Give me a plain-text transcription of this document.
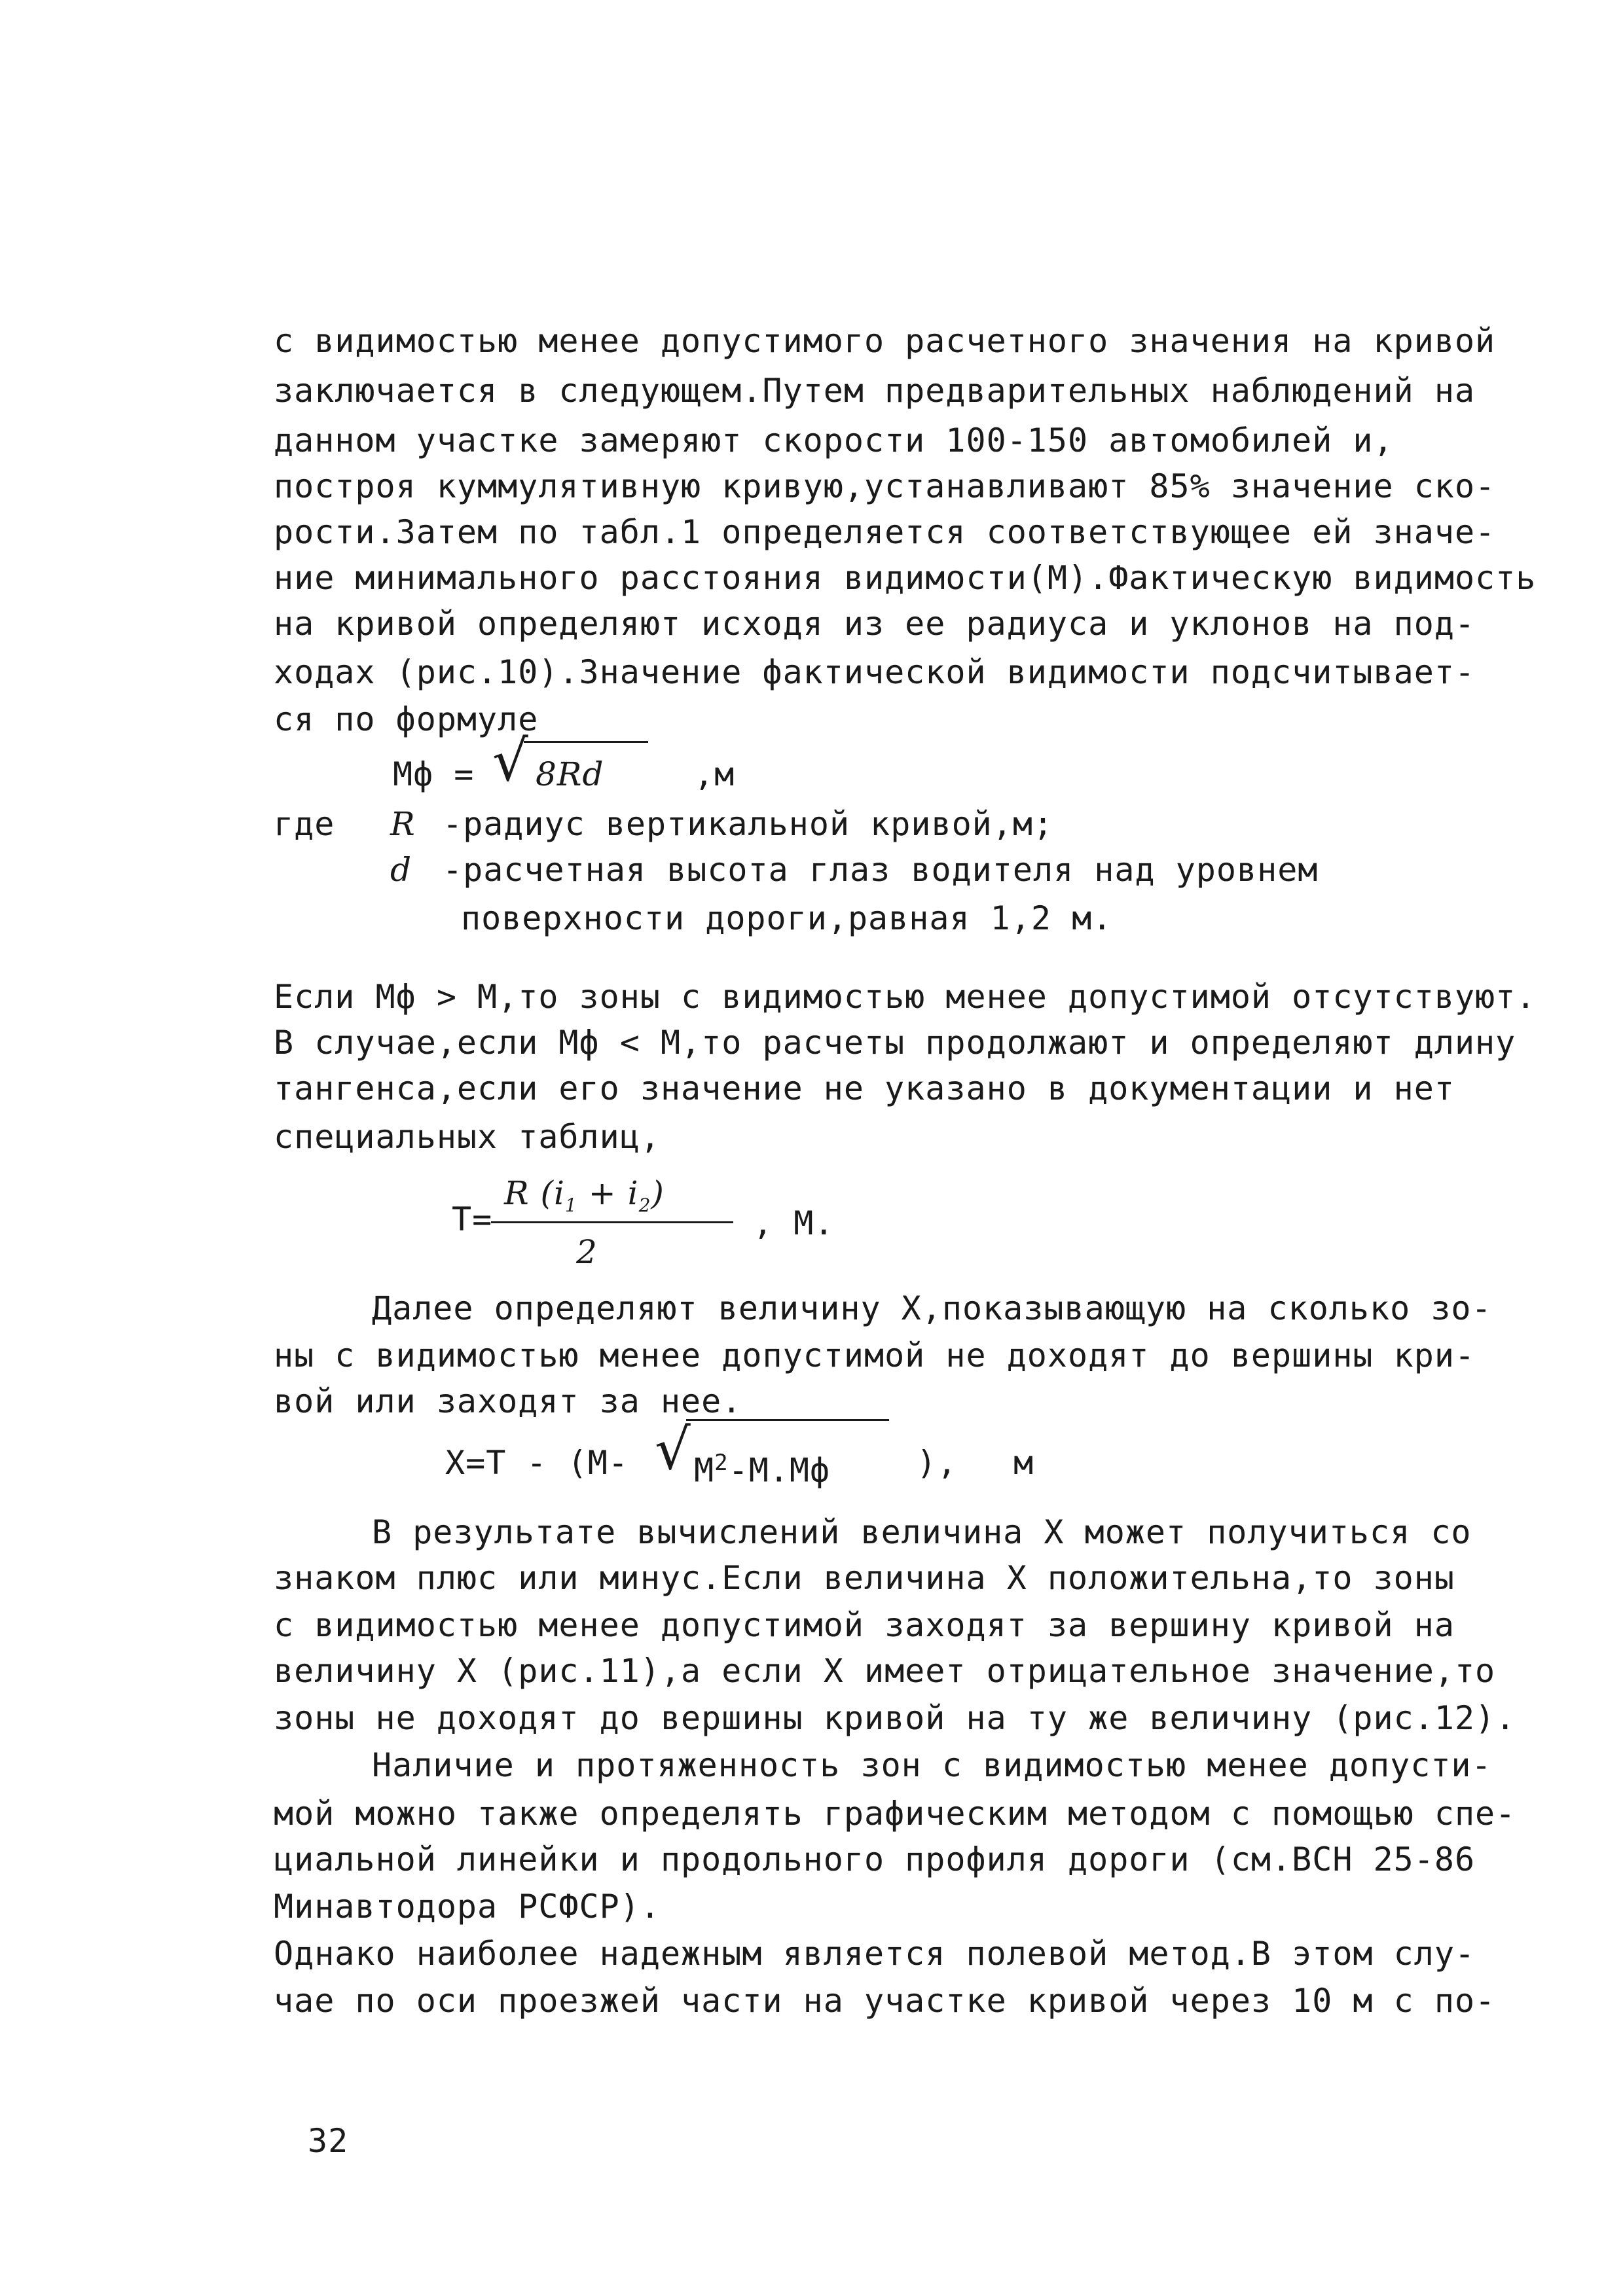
с видимостью менее допустимого расчетного значения на кривой
заключается в следующем.Путем предварительных наблюдений на
данном участке замеряют скорости 100-150 автомобилей и,
построя куммулятивную кривую,устанавливают 85% значение ско-
рости.Затем по табл.1 определяется соответствующее ей значе-
ние минимального расстояния видимости(М).Фактическую видимость
на кривой определяют исходя из ее радиуса и уклонов на под-
ходах (рис.10).Значение фактической видимости подсчитывает-
ся по формуле
Мф = √ 8Rd	,м
где R -радиус вертикальной кривой,м;
d -расчетная высота глаз водителя над уровнем
поверхности дороги,равная 1,2 м.
Если Мф > М,то зоны с видимостью менее допустимой отсутствуют.
В случае,если Мф < М,то расчеты продолжают и определяют длину
тангенса,если его значение не указано в документации и нет
специальных таблиц,
Т=
R $(i_1 + i_2)$
2
, М.
Далее определяют величину X,показывающую на сколько зо-
ны с видимостью менее допустимой не доходят до вершины кри-
вой или заходят за нее.
Х=Т - (М- √ $М^2-М.Мф$	), м
В результате вычислений величина X может получиться со
знаком плюс или минус.Если величина X положительна,то зоны
с видимостью менее допустимой заходят за вершину кривой на
величину X (рис.11),а если X имеет отрицательное значение,то
зоны не доходят до вершины кривой на ту же величину (рис.12).
Наличие и протяженность зон с видимостью менее допусти-
мой можно также определять графическим методом с помощью спе-
циальной линейки и продольного профиля дороги (см.ВСН 25-86
Минавтодора РСФСР).
Однако наиболее надежным является полевой метод.В этом слу-
чае по оси проезжей части на участке кривой через 10 м с по-
32
